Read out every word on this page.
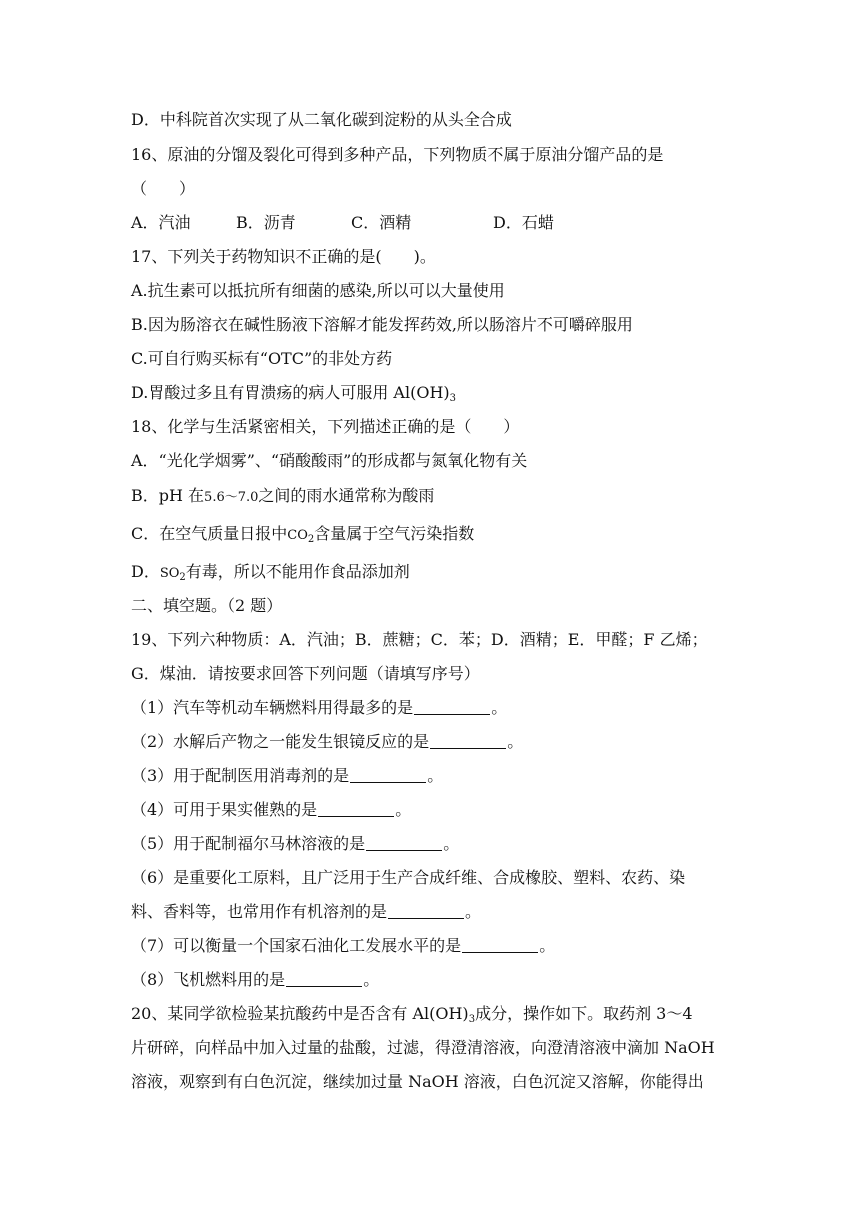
D．中科院首次实现了从二氧化碳到淀粉的从头全合成
16、原油的分馏及裂化可得到多种产品，下列物质不属于原油分馏产品的是
（　　）
A．汽油	B．沥青	C．酒精	D．石蜡
17、下列关于药物知识不正确的是(　　)。
A.抗生素可以抵抗所有细菌的感染,所以可以大量使用
B.因为肠溶衣在碱性肠液下溶解才能发挥药效,所以肠溶片不可嚼碎服用
C.可自行购买标有“OTC”的非处方药
D.胃酸过多且有胃溃疡的病人可服用 $Al(OH)_3$
18、化学与生活紧密相关，下列描述正确的是（　　）
A．“光化学烟雾”、“硝酸酸雨”的形成都与氮氧化物有关
B．pH 在5.6～7.0之间的雨水通常称为酸雨
C．在空气质量日报中$CO_2$含量属于空气污染指数
D．$SO_2$有毒，所以不能用作食品添加剂
二、填空题。（2 题）
19、下列六种物质：A．汽油；B．蔗糖；C．苯；D．酒精；E．甲醛；F 乙烯；
G．煤油．请按要求回答下列问题（请填写序号）
（1）汽车等机动车辆燃料用得最多的是	。
（2）水解后产物之一能发生银镜反应的是	。
（3）用于配制医用消毒剂的是	。
（4）可用于果实催熟的是	。
（5）用于配制福尔马林溶液的是	。
（6）是重要化工原料，且广泛用于生产合成纤维、合成橡胶、塑料、农药、染
料、香料等，也常用作有机溶剂的是	。
（7）可以衡量一个国家石油化工发展水平的是	。
（8）飞机燃料用的是	。
20、某同学欲检验某抗酸药中是否含有 $Al(OH)_3$成分，操作如下。取药剂 3～4
片研碎，向样品中加入过量的盐酸，过滤，得澄清溶液，向澄清溶液中滴加 NaOH
溶液，观察到有白色沉淀，继续加过量 NaOH 溶液，白色沉淀又溶解，你能得出
